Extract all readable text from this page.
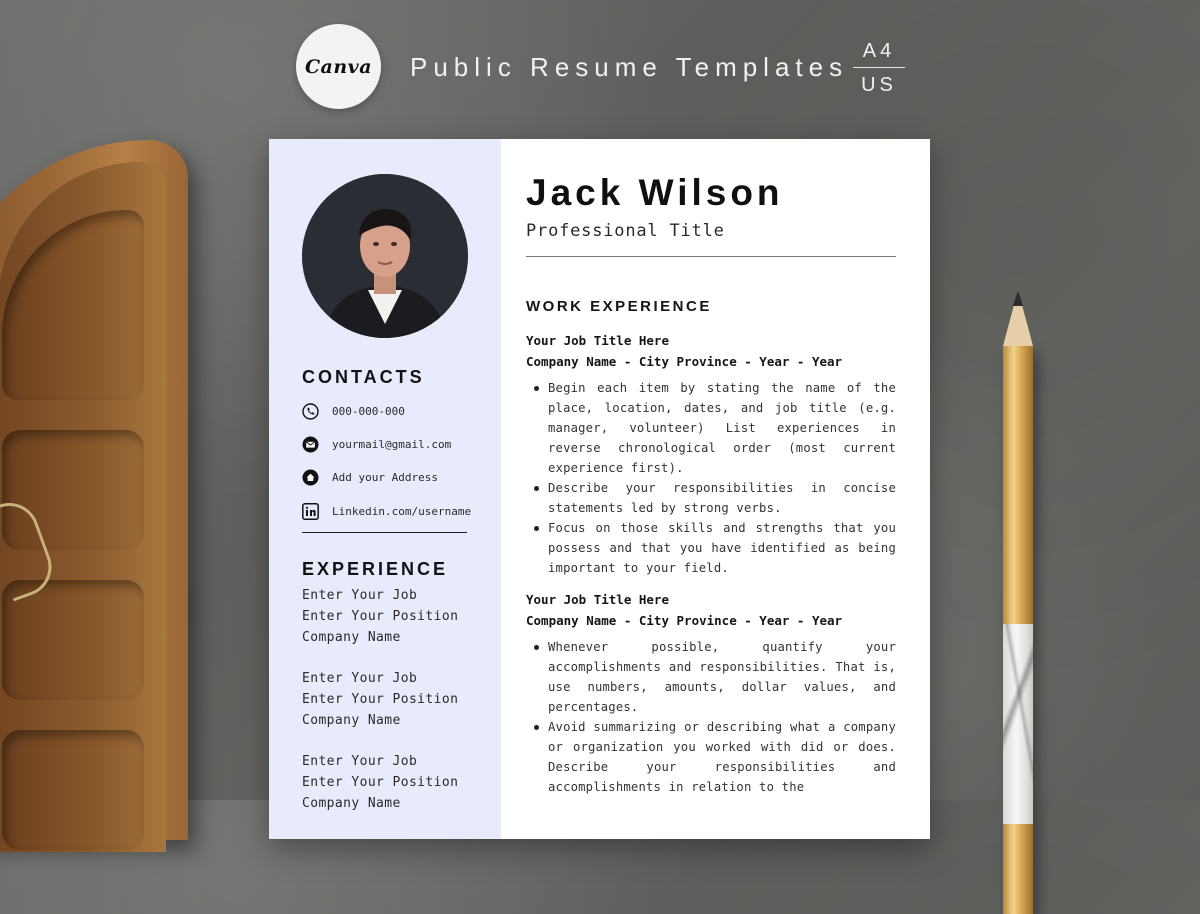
Canva Public Resume Templates
A4
US
CONTACTS
000-000-000
yourmail@gmail.com
Add your Address
Linkedin.com/username
EXPERIENCE
Enter Your Job
Enter Your Position
Company Name
Enter Your Job
Enter Your Position
Company Name
Enter Your Job
Enter Your Position
Company Name
Jack Wilson
Professional Title
WORK EXPERIENCE
Your Job Title Here
Company Name - City Province - Year - Year
Begin each item by stating the name of the place, location, dates, and job title (e.g. manager, volunteer) List experiences in reverse chronological order (most current experience first).
Describe your responsibilities in concise statements led by strong verbs.
Focus on those skills and strengths that you possess and that you have identified as being important to your field.
Your Job Title Here
Company Name - City Province - Year - Year
Whenever possible, quantify your accomplishments and responsibilities. That is, use numbers, amounts, dollar values, and percentages.
Avoid summarizing or describing what a company or organization you worked with did or does. Describe your responsibilities and accomplishments in relation to the
